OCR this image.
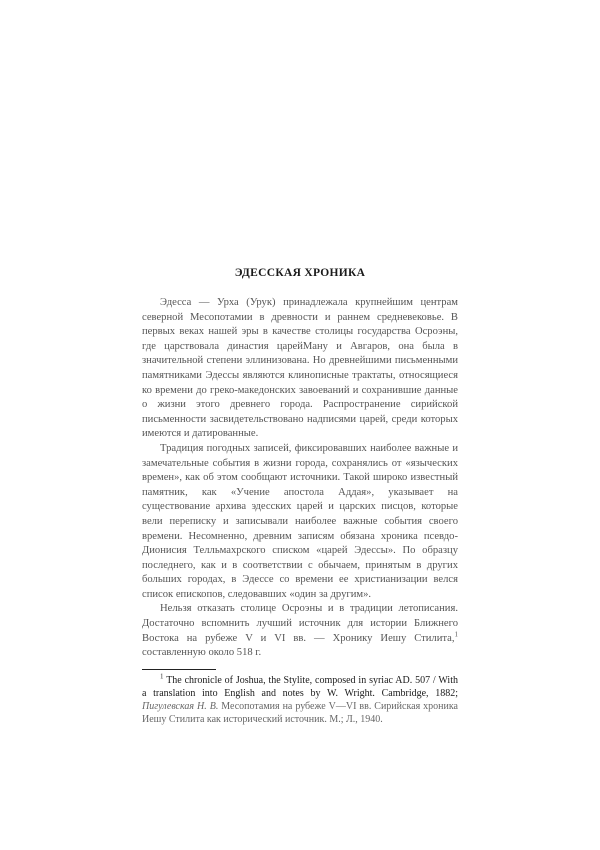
ЭДЕССКАЯ ХРОНИКА

Эдесса — Урха (Урук) принадлежала крупнейшим центрам северной Месопотамии в древности и раннем средневековье. В первых веках нашей эры в качестве столицы государства Осроэны, где царствовала династия царейМану и Авгаров, она была в значительной степени эллинизована. Но древнейшими письменными памятниками Эдессы являются клинописные трактаты, относящиеся ко времени до греко-македонских завоеваний и сохранившие данные о жизни этого древнего города. Распространение сирийской письменности засвидетельствовано надписями царей, среди которых имеются и датированные.

Традиция погодных записей, фиксировавших наиболее важные и замечательные события в жизни города, сохранялись от «языческих времен», как об этом сообщают источники. Такой широко известный памятник, как «Учение апостола Аддая», указывает на существование архива эдесских царей и царских писцов, которые вели переписку и записывали наиболее важные события своего времени. Несомненно, древним записям обязана хроника псевдо-Дионисия Телльмахрского списком «царей Эдессы». По образцу последнего, как и в соответствии с обычаем, принятым в других больших городах, в Эдессе со времени ее христианизации велся список епископов, следовавших «один за другим».

Нельзя отказать столице Осроэны и в традиции летописания. Достаточно вспомнить лучший источник для истории Ближнего Востока на рубеже V и VI вв. — Хронику Иешу Стилита,$^1$ составленную около 518 г.

$^1$ The chronicle of Joshua, the Stylite, composed in syriac AD. 507 / With a translation into English and notes by W. Wright. Cambridge, 1882; Пигулевская Н. В. Месопотамия на рубеже V—VI вв. Сирийская хроника Иешу Стилита как исторический источник. М.; Л., 1940.
